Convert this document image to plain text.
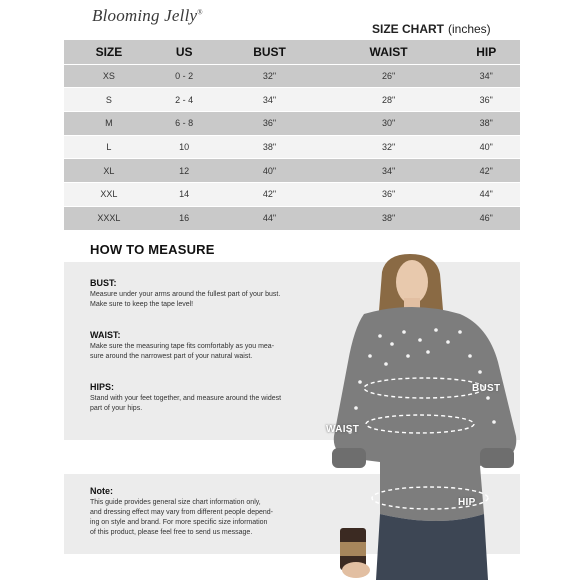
Blooming Jelly®
SIZE CHART (inches)
SIZE	US	BUST	WAIST	HIP
XS	0 - 2	32"	26"	34"
S	2 - 4	34"	28"	36"
M	6 - 8	36"	30"	38"
L	10	38"	32"	40"
XL	12	40"	34"	42"
XXL	14	42"	36"	44"
XXXL	16	44"	38"	46"
HOW TO MEASURE
BUST:

Measure under your arms around the fullest part of your bust.

Make sure to keep the tape level!

WAIST:

Make sure the measuring tape fits comfortably as you mea-

sure around the narrowest part of your natural waist.

HIPS:

Stand with your feet together, and measure around the widest

part of your hips.

Note:

This guide provides general size chart information only,

and dressing effect may vary from different people depend-

ing on style and brand. For more specific size information

of this product, please feel free to send us message.

BUST
WAIST
HIP
